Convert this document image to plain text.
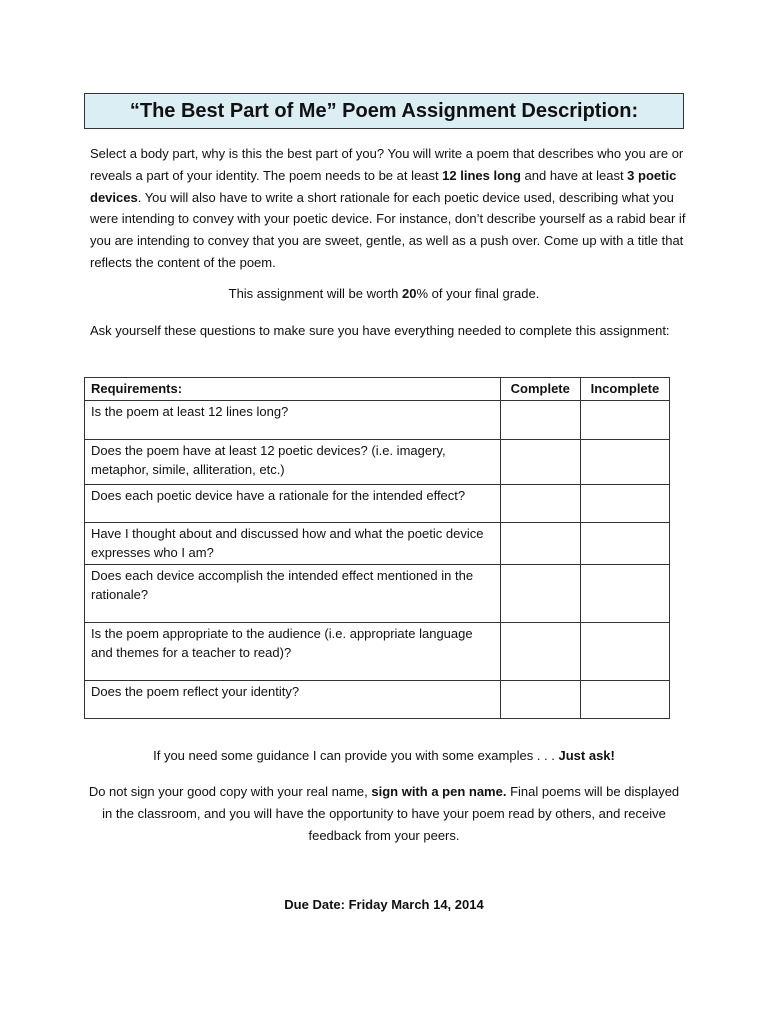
“The Best Part of Me” Poem Assignment Description:

Select a body part, why is this the best part of you? You will write a poem that describes who you are or reveals a part of your identity. The poem needs to be at least 12 lines long and have at least 3 poetic devices. You will also have to write a short rationale for each poetic device used, describing what you were intending to convey with your poetic device. For instance, don’t describe yourself as a rabid bear if you are intending to convey that you are sweet, gentle, as well as a push over. Come up with a title that reflects the content of the poem.

This assignment will be worth 20% of your final grade.

Ask yourself these questions to make sure you have everything needed to complete this assignment:

Requirements:	Complete	Incomplete
Is the poem at least 12 lines long?		
Does the poem have at least 12 poetic devices? (i.e. imagery, metaphor, simile, alliteration, etc.)		
Does each poetic device have a rationale for the intended effect?		
Have I thought about and discussed how and what the poetic device expresses who I am?		
Does each device accomplish the intended effect mentioned in the rationale?		
Is the poem appropriate to the audience (i.e. appropriate language and themes for a teacher to read)?		
Does the poem reflect your identity?		

If you need some guidance I can provide you with some examples . . . Just ask!

Do not sign your good copy with your real name, sign with a pen name. Final poems will be displayed in the classroom, and you will have the opportunity to have your poem read by others, and receive feedback from your peers.

Due Date: Friday March 14, 2014
